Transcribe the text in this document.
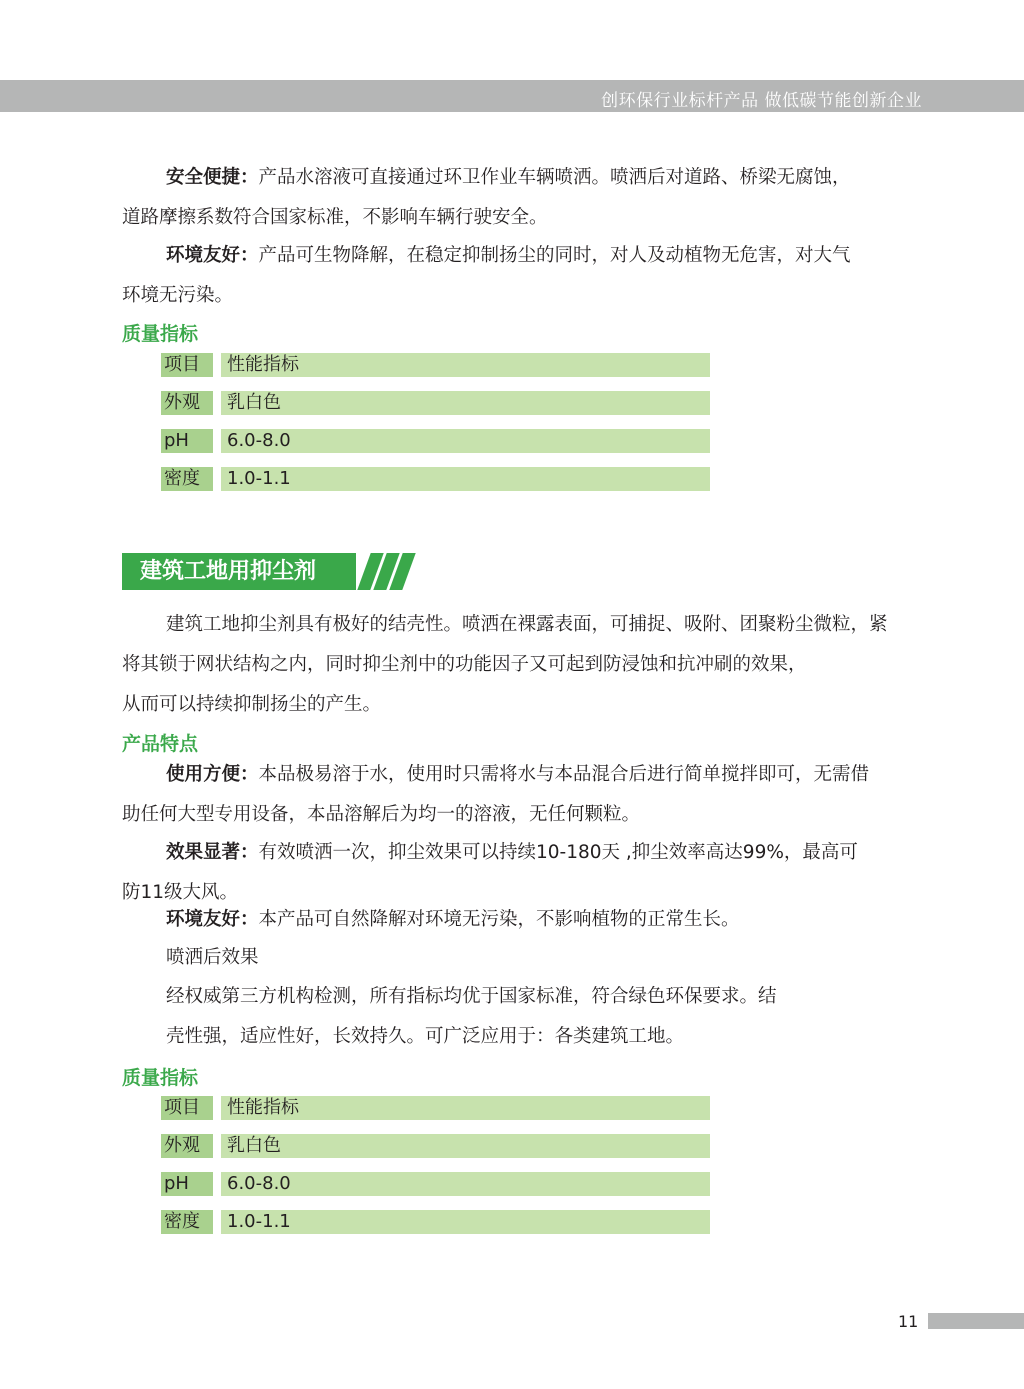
创环保行业标杆产品 做低碳节能创新企业
安全便捷：产品水溶液可直接通过环卫作业车辆喷洒。喷洒后对道路、桥梁无腐蚀，
道路摩擦系数符合国家标准，不影响车辆行驶安全。
环境友好：产品可生物降解，在稳定抑制扬尘的同时，对人及动植物无危害，对大气
环境无污染。
质量指标
项目	性能指标
外观	乳白色
pH	6.0-8.0
密度	1.0-1.1
建筑工地用抑尘剂
建筑工地抑尘剂具有极好的结壳性。喷洒在裸露表面，可捕捉、吸附、团聚粉尘微粒，紧
将其锁于网状结构之内，同时抑尘剂中的功能因子又可起到防浸蚀和抗冲刷的效果，
从而可以持续抑制扬尘的产生。
产品特点
使用方便：本品极易溶于水，使用时只需将水与本品混合后进行简单搅拌即可，无需借
助任何大型专用设备，本品溶解后为均一的溶液，无任何颗粒。
效果显著：有效喷洒一次，抑尘效果可以持续10-180天 ,抑尘效率高达99%，最高可
防11级大风。
环境友好：本产品可自然降解对环境无污染，不影响植物的正常生长。
喷洒后效果
经权威第三方机构检测，所有指标均优于国家标准，符合绿色环保要求。结
壳性强，适应性好，长效持久。可广泛应用于：各类建筑工地。
质量指标
项目	性能指标
外观	乳白色
pH	6.0-8.0
密度	1.0-1.1
11
